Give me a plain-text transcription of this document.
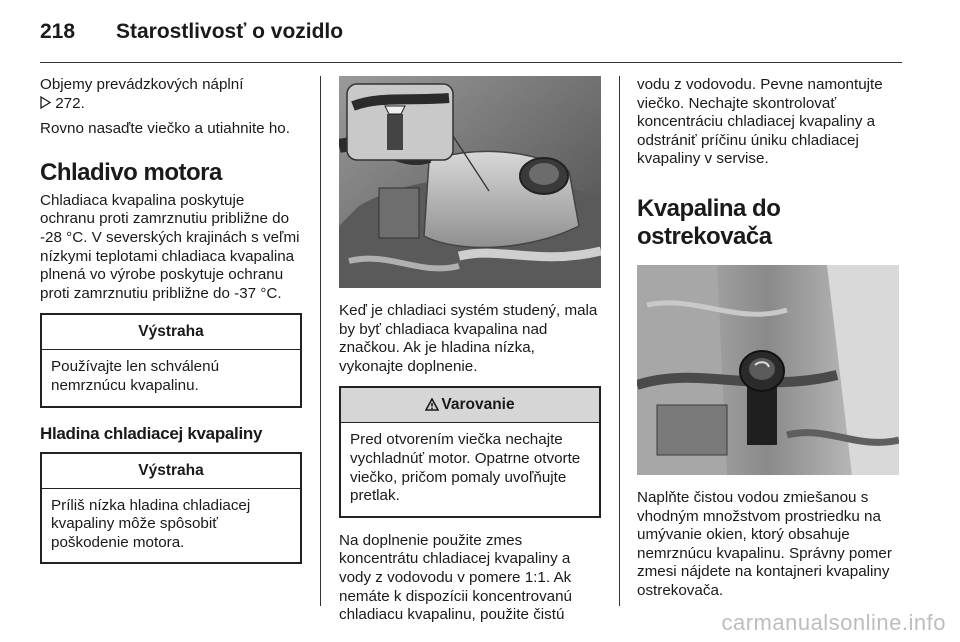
218 Starostlivosť o vozidlo

Objemy prevádzkových náplní

272.

Rovno nasaďte viečko a utiahnite ho.

Chladivo motora

Chladiaca kvapalina poskytuje ochranu proti zamrznutiu približne do -28 °C. V severských krajinách s veľmi nízkymi teplotami chladiaca kvapalina plnená vo výrobe poskytuje ochranu proti zamrznutiu približne do -37 °C.

Výstraha
Používajte len schválenú nemrznúcu kvapalinu.
Hladina chladiacej kvapaliny
Výstraha
Príliš nízka hladina chladiacej kvapaliny môže spôsobiť poškodenie motora.

Keď je chladiaci systém studený, mala by byť chladiaca kvapalina nad značkou. Ak je hladina nízka, vykonajte doplnenie.

Varovanie
Pred otvorením viečka nechajte vychladnúť motor. Opatrne otvorte viečko, pričom pomaly uvoľňujte pretlak.

Na doplnenie použite zmes koncentrátu chladiacej kvapaliny a vody z vodovodu v pomere 1:1. Ak nemáte k dispozícii koncentrovanú chladiacu kvapalinu, použite čistú

vodu z vodovodu. Pevne namontujte viečko. Nechajte skontrolovať koncentráciu chladiacej kvapaliny a odstrániť príčinu úniku chladiacej kvapaliny v servise.

Kvapalina do ostrekovača

Naplňte čistou vodou zmiešanou s vhodným množstvom prostriedku na umývanie okien, ktorý obsahuje nemrznúcu kvapalinu. Správny pomer zmesi nájdete na kontajneri kvapaliny ostrekovača.

carmanualsonline.info
